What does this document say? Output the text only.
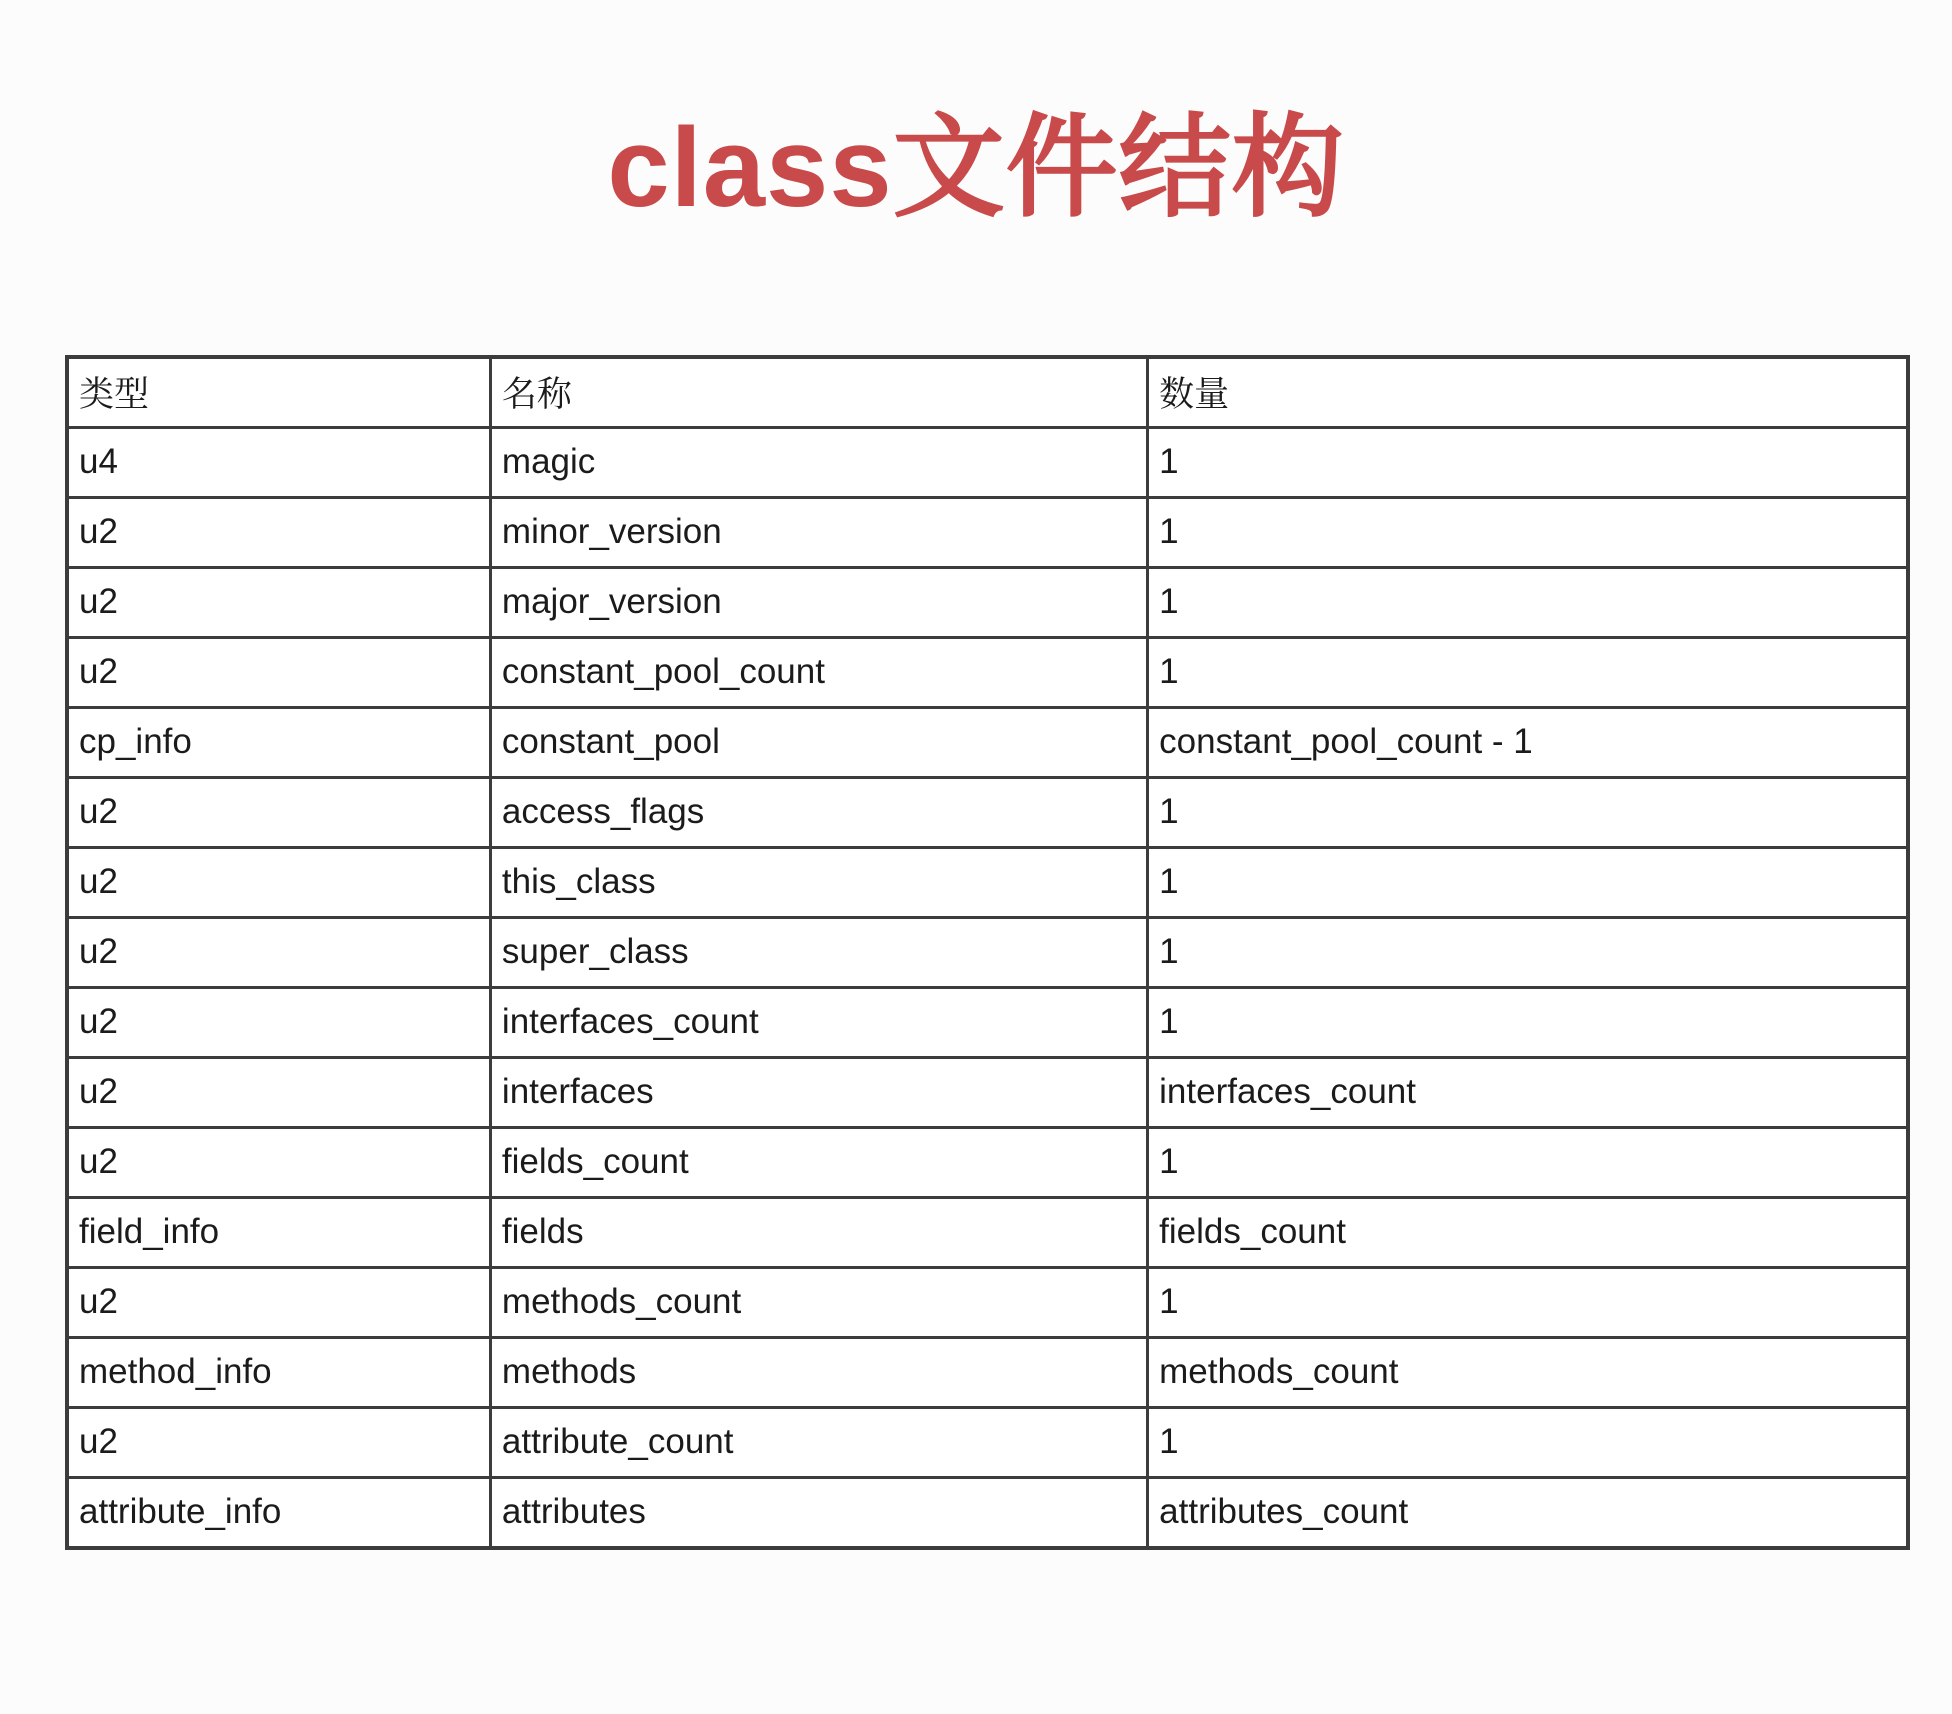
class文件结构
类型	名称	数量
u4	magic	1
u2	minor_version	1
u2	major_version	1
u2	constant_pool_count	1
cp_info	constant_pool	constant_pool_count - 1
u2	access_flags	1
u2	this_class	1
u2	super_class	1
u2	interfaces_count	1
u2	interfaces	interfaces_count
u2	fields_count	1
field_info	fields	fields_count
u2	methods_count	1
method_info	methods	methods_count
u2	attribute_count	1
attribute_info	attributes	attributes_count
